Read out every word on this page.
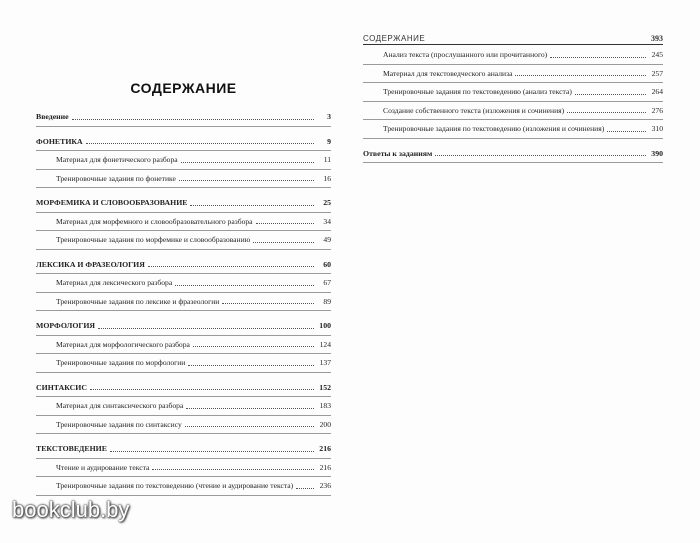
СОДЕРЖАНИЕ
Введение	3
ФОНЕТИКА	9
Материал для фонетического разбора	11
Тренировочные задания по фонетике	16
МОРФЕМИКА И СЛОВООБРАЗОВАНИЕ	25
Материал для морфемного и словообразовательного разбора	34
Тренировочные задания по морфемике и словообразованию	49
ЛЕКСИКА И ФРАЗЕОЛОГИЯ	60
Материал для лексического разбора	67
Тренировочные задания по лексике и фразеологии	89
МОРФОЛОГИЯ	100
Материал для морфологического разбора	124
Тренировочные задания по морфологии	137
СИНТАКСИС	152
Материал для синтаксического разбора	183
Тренировочные задания по синтаксису	200
ТЕКСТОВЕДЕНИЕ	216
Чтение и аудирование текста	216
Тренировочные задания по текстоведению (чтение и аудирование текста)	236
СОДЕРЖАНИЕ	393
Анализ текста (прослушанного или прочитанного)	245
Материал для текстоведческого анализа	257
Тренировочные задания по текстоведению (анализ текста)	264
Создание собственного текста (изложения и сочинения)	276
Тренировочные задания по текстоведению (изложения и сочинения)	310
Ответы к заданиям	390
bookclub.by
